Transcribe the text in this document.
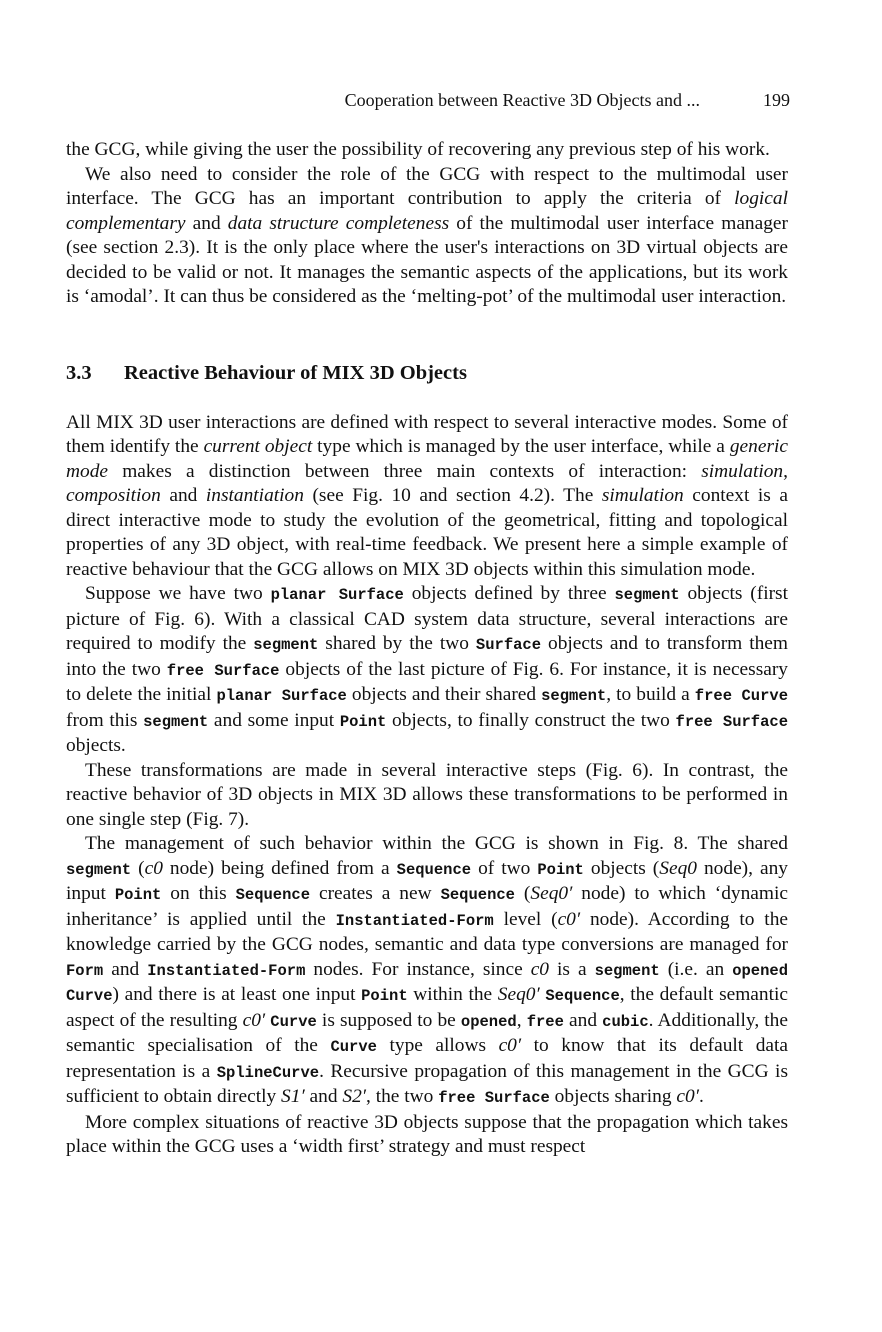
Cooperation between Reactive 3D Objects and ...	199

the GCG, while giving the user the possibility of recovering any previous step of his work.

We also need to consider the role of the GCG with respect to the multimodal user interface. The GCG has an important contribution to apply the criteria of logical complementary and data structure completeness of the multimodal user interface manager (see section 2.3). It is the only place where the user's interactions on 3D virtual objects are decided to be valid or not. It manages the semantic aspects of the applications, but its work is ‘amodal’. It can thus be considered as the ‘melting-pot’ of the multimodal user interaction.

3.3 Reactive Behaviour of MIX 3D Objects

All MIX 3D user interactions are defined with respect to several interactive modes. Some of them identify the current object type which is managed by the user interface, while a generic mode makes a distinction between three main contexts of interaction: simulation, composition and instantiation (see Fig. 10 and section 4.2). The simulation context is a direct interactive mode to study the evolution of the geometrical, fitting and topological properties of any 3D object, with real-time feedback. We present here a simple example of reactive behaviour that the GCG allows on MIX 3D objects within this simulation mode.

Suppose we have two planar Surface objects defined by three segment objects (first picture of Fig. 6). With a classical CAD system data structure, several interactions are required to modify the segment shared by the two Surface objects and to transform them into the two free Surface objects of the last picture of Fig. 6. For instance, it is necessary to delete the initial planar Surface objects and their shared segment, to build a free Curve from this segment and some input Point objects, to finally construct the two free Surface objects.

These transformations are made in several interactive steps (Fig. 6). In contrast, the reactive behavior of 3D objects in MIX 3D allows these transformations to be performed in one single step (Fig. 7).

The management of such behavior within the GCG is shown in Fig. 8. The shared segment (c0 node) being defined from a Sequence of two Point objects (Seq0 node), any input Point on this Sequence creates a new Sequence (Seq0′ node) to which ‘dynamic inheritance’ is applied until the Instantiated-Form level (c0′ node). According to the knowledge carried by the GCG nodes, semantic and data type conversions are managed for Form and Instantiated-Form nodes. For instance, since c0 is a segment (i.e. an opened Curve) and there is at least one input Point within the Seq0′ Sequence, the default semantic aspect of the resulting c0′ Curve is supposed to be opened, free and cubic. Additionally, the semantic specialisation of the Curve type allows c0′ to know that its default data representation is a SplineCurve. Recursive propagation of this management in the GCG is sufficient to obtain directly S1′ and S2′, the two free Surface objects sharing c0′.

More complex situations of reactive 3D objects suppose that the propagation which takes place within the GCG uses a ‘width first’ strategy and must respect
